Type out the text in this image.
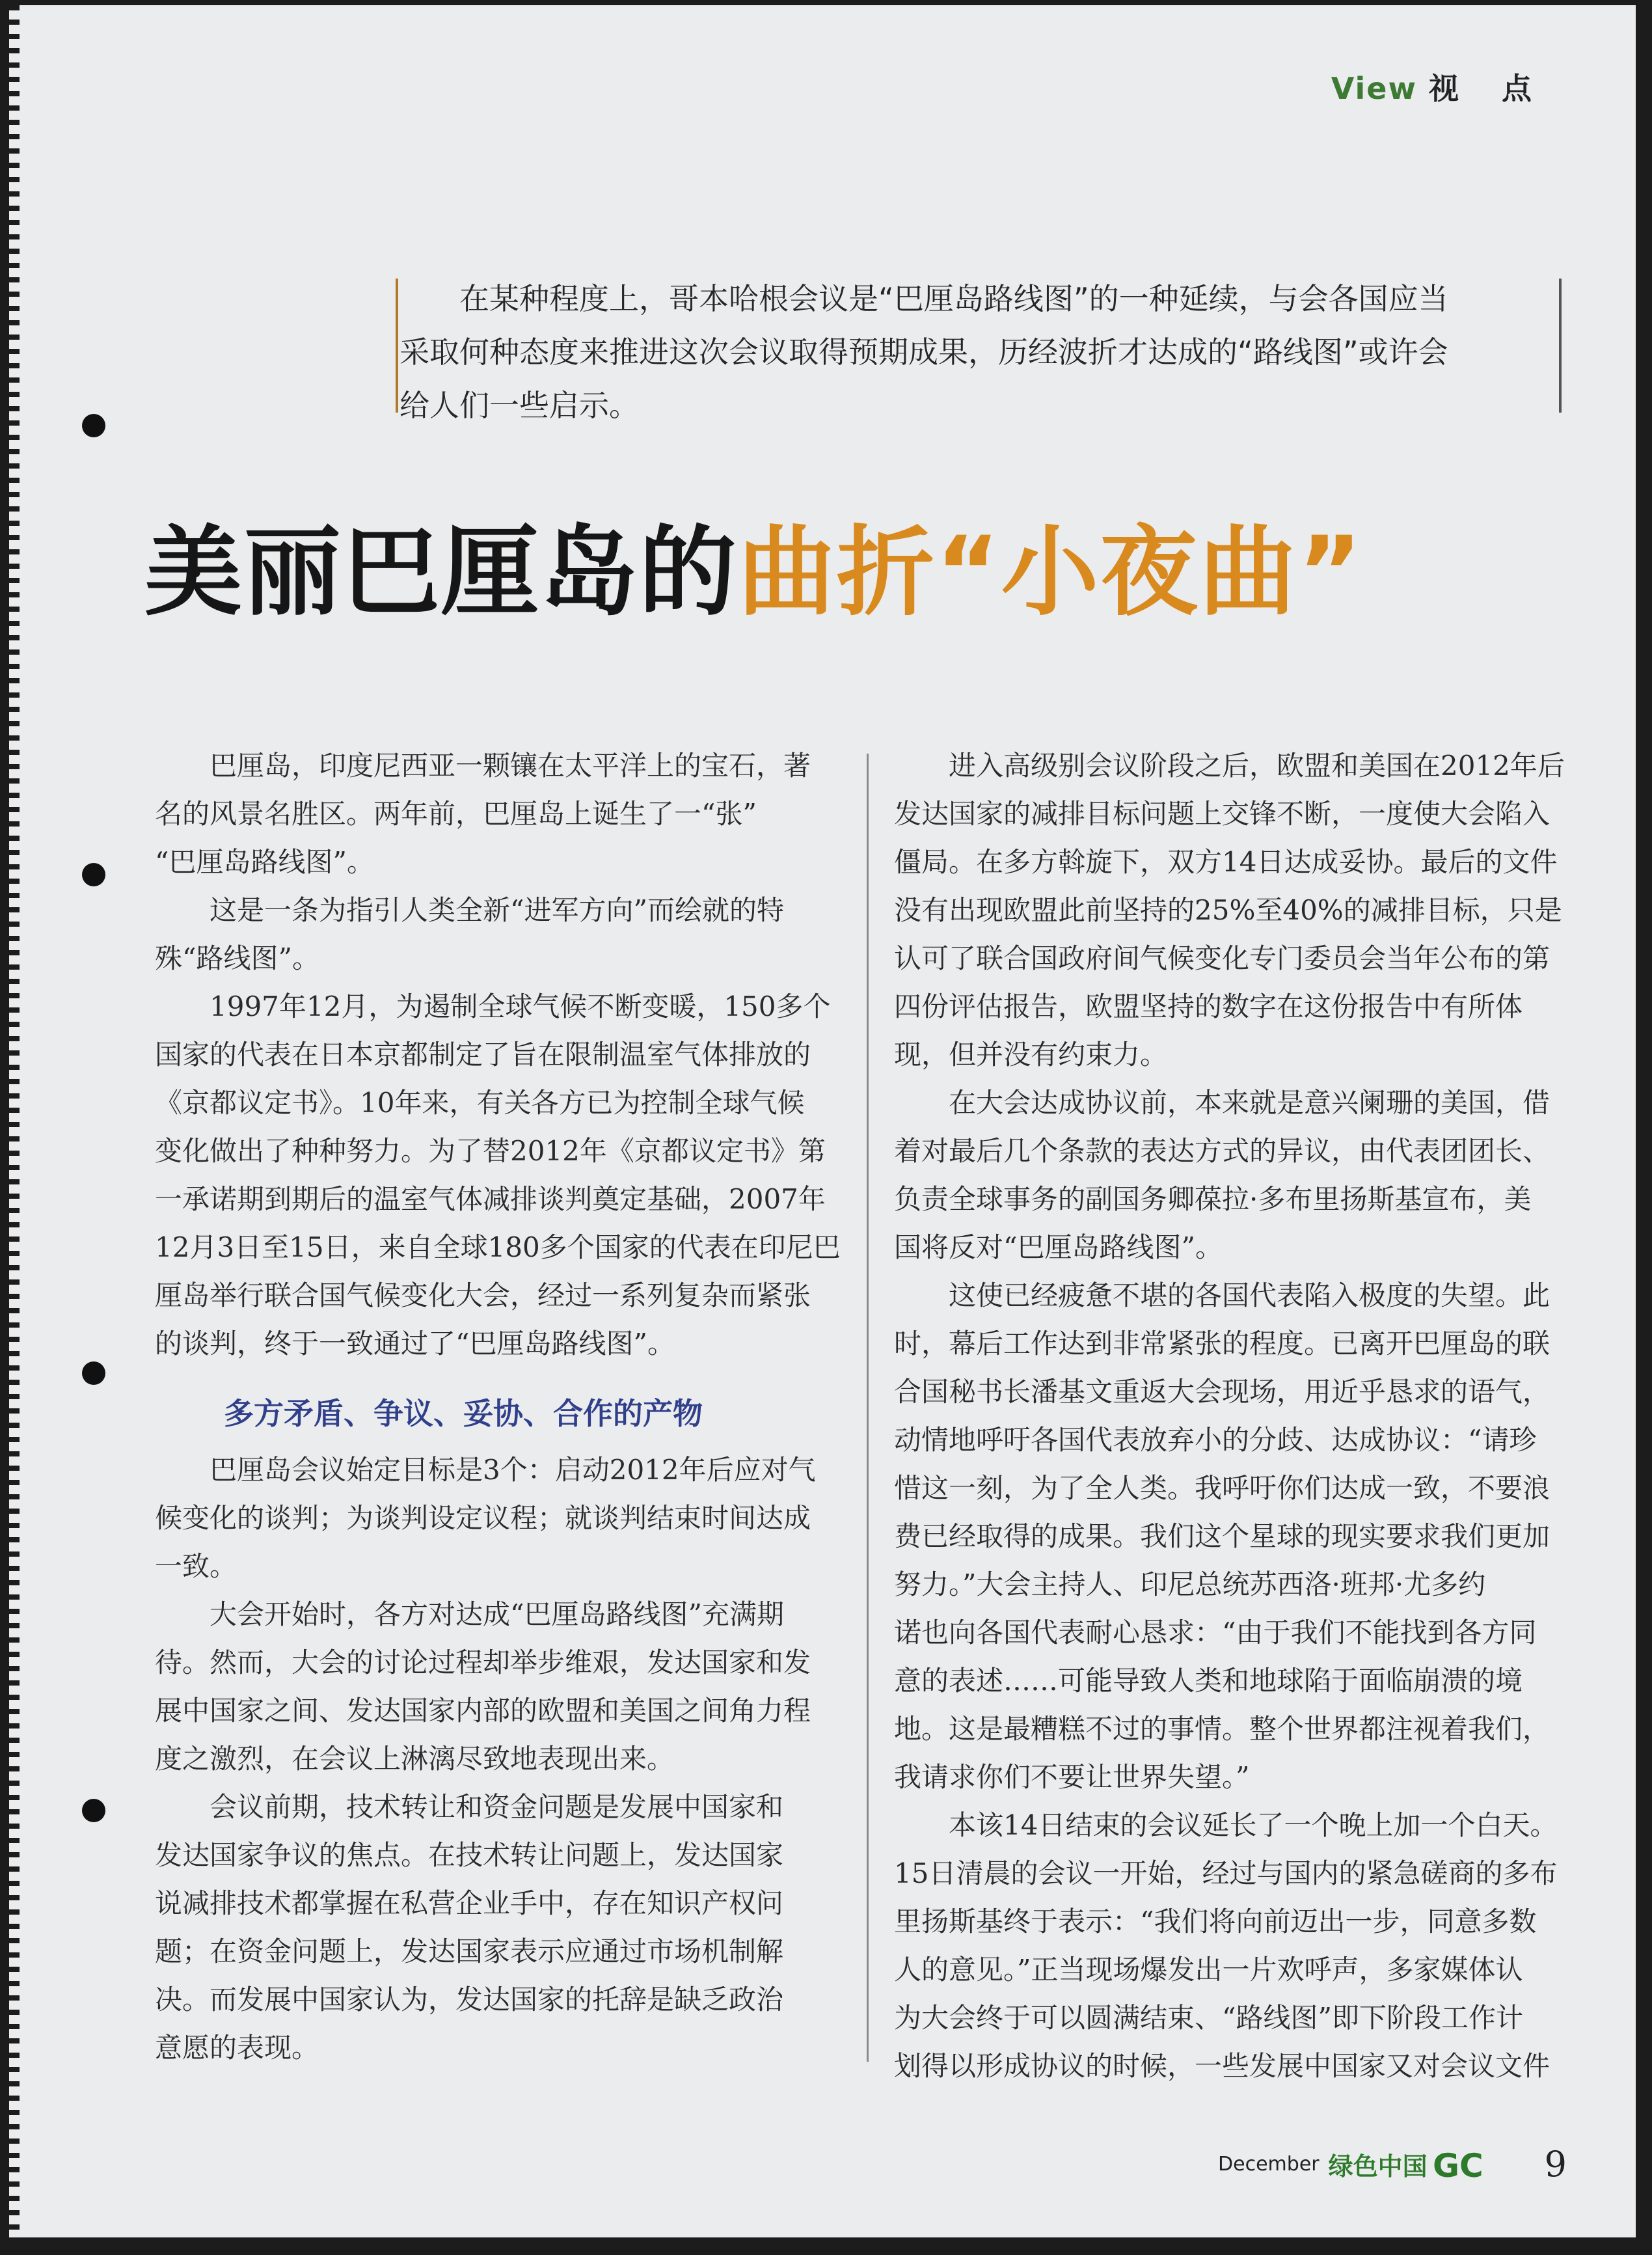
View 视 点
在某种程度上，哥本哈根会议是“巴厘岛路线图”的一种延续，与会各国应当
采取何种态度来推进这次会议取得预期成果，历经波折才达成的“路线图”或许会
给人们一些启示。
美丽巴厘岛的曲折“小夜曲”
巴厘岛，印度尼西亚一颗镶在太平洋上的宝石，著
名的风景名胜区。两年前，巴厘岛上诞生了一“张”
“巴厘岛路线图”。
这是一条为指引人类全新“进军方向”而绘就的特
殊“路线图”。
1997年12月，为遏制全球气候不断变暖，150多个
国家的代表在日本京都制定了旨在限制温室气体排放的
《京都议定书》。10年来，有关各方已为控制全球气候
变化做出了种种努力。为了替2012年《京都议定书》第
一承诺期到期后的温室气体减排谈判奠定基础，2007年
12月3日至15日，来自全球180多个国家的代表在印尼巴
厘岛举行联合国气候变化大会，经过一系列复杂而紧张
的谈判，终于一致通过了“巴厘岛路线图”。
多方矛盾、争议、妥协、合作的产物
巴厘岛会议始定目标是3个：启动2012年后应对气
候变化的谈判；为谈判设定议程；就谈判结束时间达成
一致。
大会开始时，各方对达成“巴厘岛路线图”充满期
待。然而，大会的讨论过程却举步维艰，发达国家和发
展中国家之间、发达国家内部的欧盟和美国之间角力程
度之激烈，在会议上淋漓尽致地表现出来。
会议前期，技术转让和资金问题是发展中国家和
发达国家争议的焦点。在技术转让问题上，发达国家
说减排技术都掌握在私营企业手中，存在知识产权问
题；在资金问题上，发达国家表示应通过市场机制解
决。而发展中国家认为，发达国家的托辞是缺乏政治
意愿的表现。
进入高级别会议阶段之后，欧盟和美国在2012年后
发达国家的减排目标问题上交锋不断，一度使大会陷入
僵局。在多方斡旋下，双方14日达成妥协。最后的文件
没有出现欧盟此前坚持的25%至40%的减排目标，只是
认可了联合国政府间气候变化专门委员会当年公布的第
四份评估报告，欧盟坚持的数字在这份报告中有所体
现，但并没有约束力。
在大会达成协议前，本来就是意兴阑珊的美国，借
着对最后几个条款的表达方式的异议，由代表团团长、
负责全球事务的副国务卿葆拉·多布里扬斯基宣布，美
国将反对“巴厘岛路线图”。
这使已经疲惫不堪的各国代表陷入极度的失望。此
时，幕后工作达到非常紧张的程度。已离开巴厘岛的联
合国秘书长潘基文重返大会现场，用近乎恳求的语气，
动情地呼吁各国代表放弃小的分歧、达成协议：“请珍
惜这一刻，为了全人类。我呼吁你们达成一致，不要浪
费已经取得的成果。我们这个星球的现实要求我们更加
努力。”大会主持人、印尼总统苏西洛·班邦·尤多约
诺也向各国代表耐心恳求：“由于我们不能找到各方同
意的表述……可能导致人类和地球陷于面临崩溃的境
地。这是最糟糕不过的事情。整个世界都注视着我们，
我请求你们不要让世界失望。”
本该14日结束的会议延长了一个晚上加一个白天。
15日清晨的会议一开始，经过与国内的紧急磋商的多布
里扬斯基终于表示：“我们将向前迈出一步，同意多数
人的意见。”正当现场爆发出一片欢呼声，多家媒体认
为大会终于可以圆满结束、“路线图”即下阶段工作计
划得以形成协议的时候，一些发展中国家又对会议文件
December 绿色中国 GC 9
